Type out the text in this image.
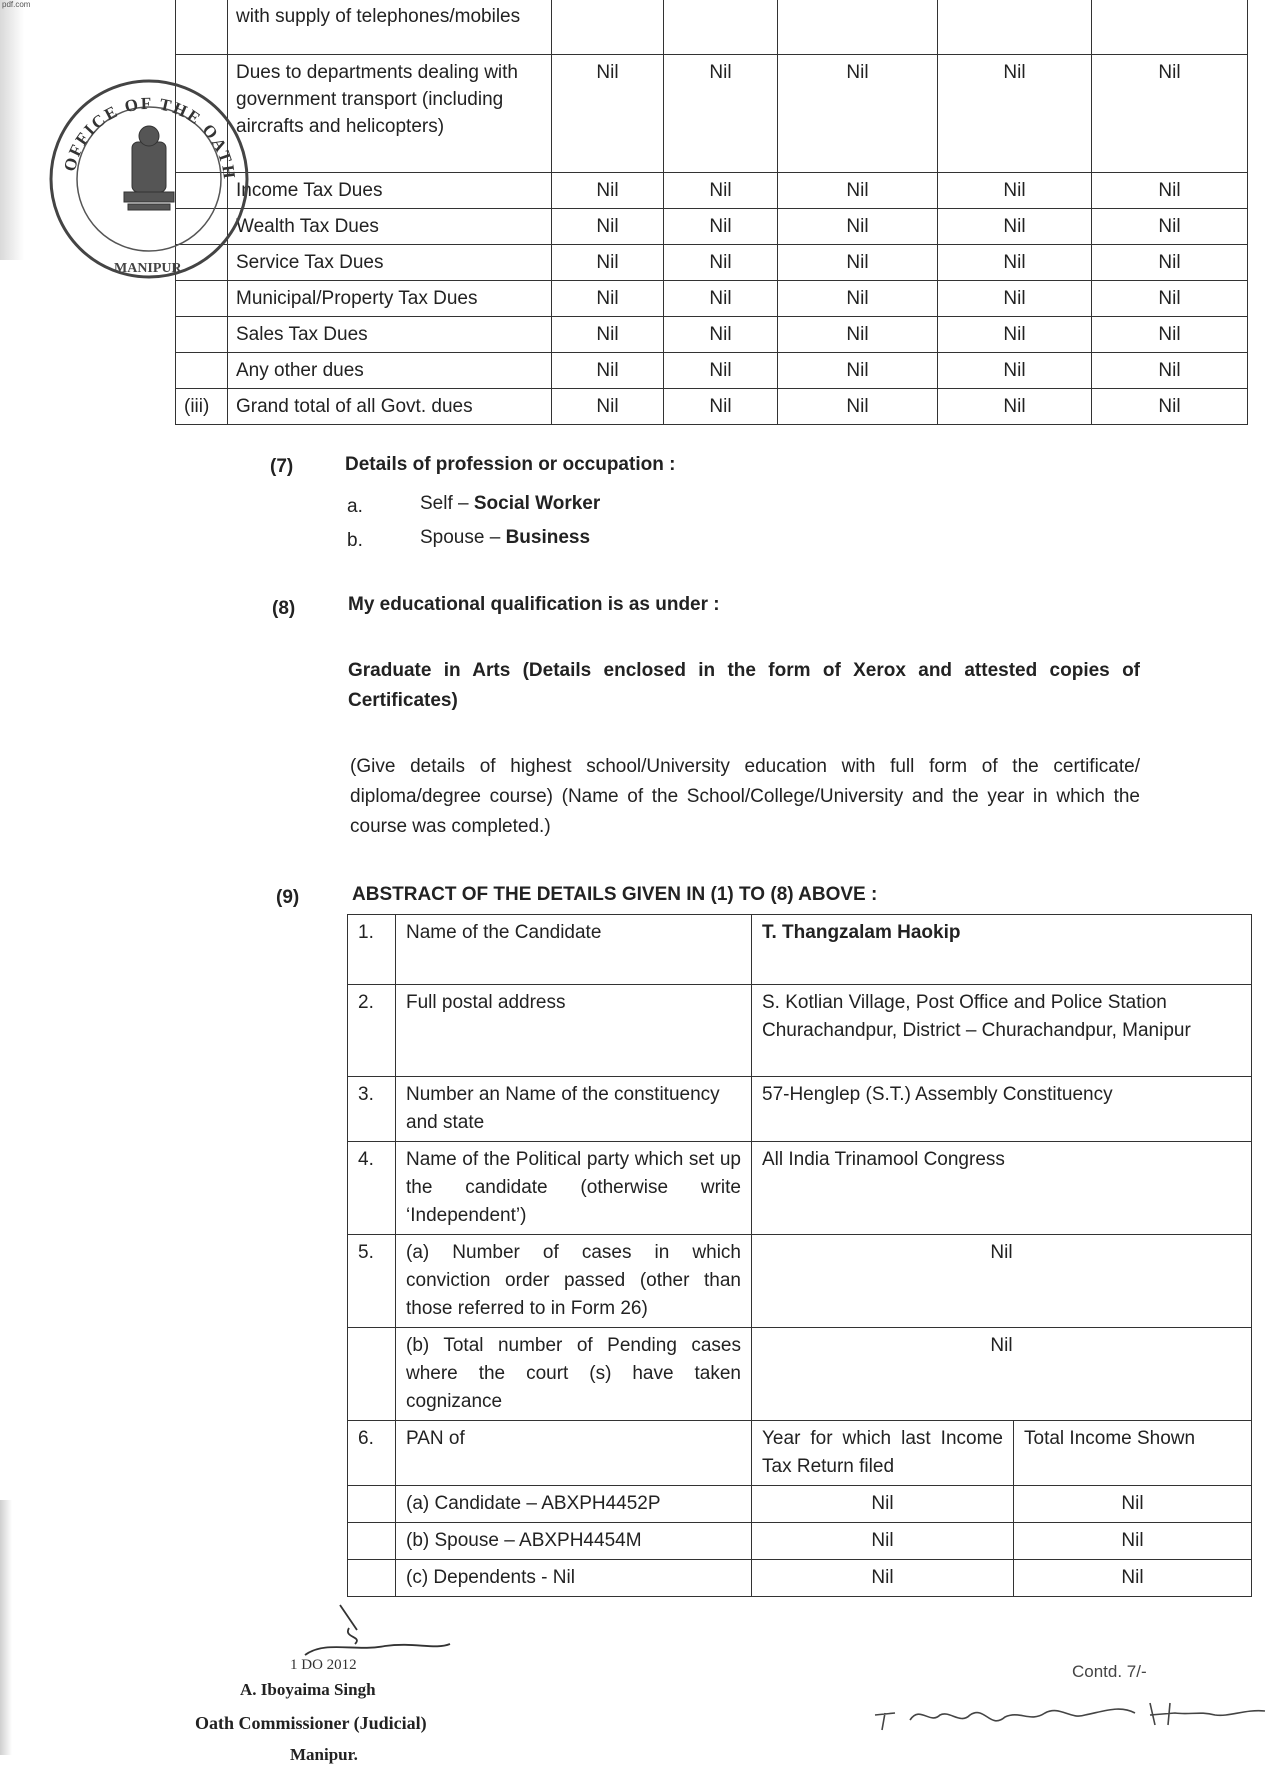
pdf.com
	with supply of telephones/mobiles					
	Dues to departments dealing with government transport (including aircrafts and helicopters)	Nil	Nil	Nil	Nil	Nil
	Income Tax Dues	Nil	Nil	Nil	Nil	Nil
	Wealth Tax Dues	Nil	Nil	Nil	Nil	Nil
	Service Tax Dues	Nil	Nil	Nil	Nil	Nil
	Municipal/Property Tax Dues	Nil	Nil	Nil	Nil	Nil
	Sales Tax Dues	Nil	Nil	Nil	Nil	Nil
	Any other dues	Nil	Nil	Nil	Nil	Nil
(iii)	Grand total of all Govt. dues	Nil	Nil	Nil	Nil	Nil
OFFICE OF THE OATH
MANIPUR
(7)	Details of profession or occupation :
a.	Self – Social Worker
b.	Spouse – Business
(8)	My educational qualification is as under :
Graduate in Arts (Details enclosed in the form of Xerox and attested copies of Certificates)
(Give details of highest school/University education with full form of the certificate/ diploma/degree course) (Name of the School/College/University and the year in which the course was completed.)
(9)	ABSTRACT OF THE DETAILS GIVEN IN (1) TO (8) ABOVE :
1.	Name of the Candidate	T. Thangzalam Haokip	
2.	Full postal address	S. Kotlian Village, Post Office and Police Station Churachandpur, District – Churachandpur, Manipur	
3.	Number an Name of the constituency and state	57-Henglep (S.T.) Assembly Constituency	
4.	Name of the Political party which set up the candidate (otherwise write ‘Independent’)	All India Trinamool Congress	
5.	(a) Number of cases in which conviction order passed (other than those referred to in Form 26)	Nil	
	(b) Total number of Pending cases where the court (s) have taken cognizance	Nil	
6.	PAN of	Year for which last Income Tax Return filed	Total Income Shown
	(a) Candidate – ABXPH4452P	Nil	Nil
	(b) Spouse – ABXPH4454M	Nil	Nil
	(c) Dependents - Nil	Nil	Nil
1 DO 2012
A. Iboyaima Singh
Oath Commissioner (Judicial)
Manipur.
Contd. 7/-
